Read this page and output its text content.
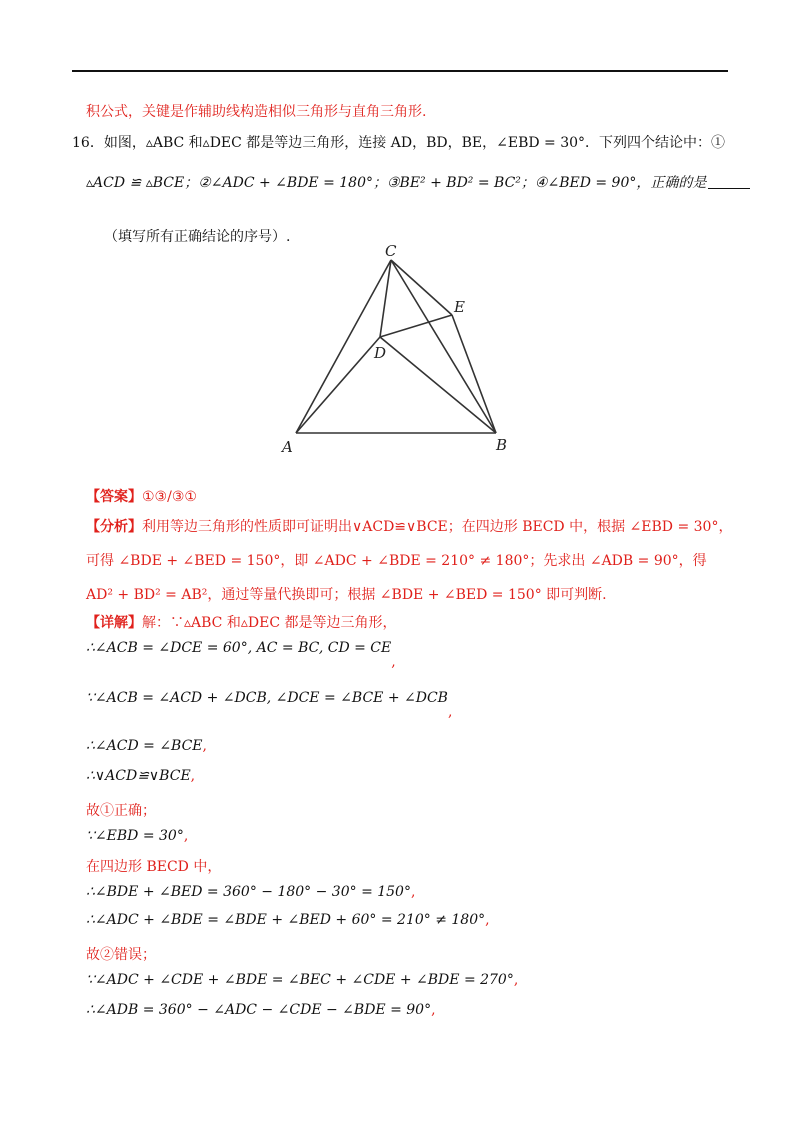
积公式，关键是作辅助线构造相似三角形与直角三角形.
16．如图，▵ABC 和▵DEC 都是等边三角形，连接 AD，BD，BE，∠EBD = 30°．下列四个结论中：①
▵ACD ≌ ▵BCE；②∠ADC + ∠BDE = 180°；③BE² + BD² = BC²；④∠BED = 90°，正确的是
（填写所有正确结论的序号）.
A	B
C
D
E
【答案】①③/③①
【分析】利用等边三角形的性质即可证明出∨ACD≌∨BCE；在四边形 BECD 中，根据 ∠EBD = 30°，
可得 ∠BDE + ∠BED = 150°，即 ∠ADC + ∠BDE = 210° ≠ 180°；先求出 ∠ADB = 90°，得
AD² + BD² = AB²，通过等量代换即可；根据 ∠BDE + ∠BED = 150° 即可判断.
【详解】解：∵▵ABC 和▵DEC 都是等边三角形，
∴∠ACB = ∠DCE = 60°, AC = BC, CD = CE,
∵∠ACB = ∠ACD + ∠DCB, ∠DCE = ∠BCE + ∠DCB,
∴∠ACD = ∠BCE,
∴∨ACD≌∨BCE,
故①正确；
∵∠EBD = 30°,
在四边形 BECD 中，
∴∠BDE + ∠BED = 360° − 180° − 30° = 150°,
∴∠ADC + ∠BDE = ∠BDE + ∠BED + 60° = 210° ≠ 180°,
故②错误；
∵∠ADC + ∠CDE + ∠BDE = ∠BEC + ∠CDE + ∠BDE = 270°,
∴∠ADB = 360° − ∠ADC − ∠CDE − ∠BDE = 90°,
